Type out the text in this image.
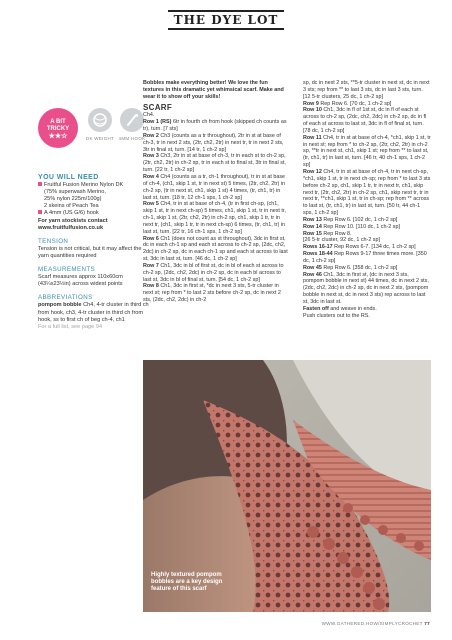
THE DYE LOT
A BIT
TRICKY
★★☆	DK WEIGHT 4MM HOOK
YOU WILL NEED
Fruitful Fusion Merino Nylon DK
(75% superwash Merino,
25% nylon 225m/100g)
2 skeins of Peach Tea
A 4mm (US G/6) hook
For yarn stockists contact
www.fruitfulfusion.co.uk
TENSION
Tension is not critical, but it may affect the yarn quantities required
MEASUREMENTS
Scarf measures approx 110x60cm (43¼x23½in) across widest points
ABBREVIATIONS
pompom bobble Ch4, 4-tr cluster in third ch from hook, ch3, 4-tr cluster in third ch from hook, ss to first ch of beg ch-4, ch1
For a full list, see page 94

Bobbles make everything better! We love the fun textures in this dramatic yet whimsical scarf. Make and wear it to show off your skills!

SCARF

Ch4.

Row 1 (RS) 6tr in fourth ch from hook (skipped ch counts as tr), turn. [7 sts]

Row 2 Ch3 (counts as a tr throughout), 2tr in st at base of ch-3, tr in next 2 sts, (2tr, ch2, 2tr) in next tr, tr in next 2 sts, 3tr in final st, turn. [14 tr, 1 ch-2 sp]

Row 3 Ch3, 2tr in st at base of ch-3, tr in each st to ch-2 sp, (2tr, ch2, 2tr) in ch-2 sp, tr in each st to final st, 3tr in final st, turn. [22 tr, 1 ch-2 sp]

Row 4 Ch4 (counts as a tr, ch-1 throughout), tr in st at base of ch-4, (ch1, skip 1 st, tr in next st) 5 times, (2tr, ch2, 2tr) in ch-2 sp, (tr in next st, ch1, skip 1 st) 4 times, (tr, ch1, tr) in last st, turn. [18 tr, 12 ch-1 sps, 1 ch-2 sp]

Row 5 Ch4, tr in st at base of ch-4, (tr in first ch-sp, (ch1, skip 1 st, tr in next ch-sp) 5 times, ch1, skip 1 st, tr in next tr, ch-1, skip 1 st, (2tr, ch2, 2tr) in ch-2 sp, ch1, skip 1 tr, tr in next tr, (ch1, skip 1 tr, tr in next ch-sp) 6 times, (tr, ch1, tr) in last st, turn. [22 tr, 16 ch-1 sps, 1 ch-2 sp]

Row 6 Ch1 (does not count as st throughout), 3dc in first st, dc in each ch-1 sp and each st across to ch-2 sp, (2dc, ch2, 2dc) in ch-2 sp, dc in each ch-1 sp and each st across to last st, 3dc in last st, turn. [46 dc, 1 ch-2 sp]

Row 7 Ch1, 3dc in bl of first st, dc in bl of each st across to ch-2 sp, (2dc, ch2, 2dc) in ch-2 sp, dc in each bl across to last st, 3dc in bl of final st, turn. [54 dc, 1 ch-2 sp]

Row 8 Ch1, 3dc in first st, *dc in next 3 sts, 5-tr cluster in next st; rep from * to last 2 sts before ch-2 sp, dc in next 2 sts, (2dc, ch2, 2dc) in ch-2

sp, dc in next 2 sts, **5-tr cluster in next st, dc in next 3 sts; rep from ** to last 3 sts, dc in last 3 sts, turn. [12 5-tr clusters, 25 dc, 1 ch-2 sp]

Row 9 Rep Row 6. [70 dc, 1 ch-2 sp]

Row 10 Ch1, 3dc in fl of 1st st, dc in fl of each st across to ch-2 sp, (2dc, ch2, 2dc) in ch-2 sp, dc in fl of each st across to last st, 3dc in fl of final st, turn. [78 dc, 1 ch-2 sp]

Row 11 Ch4, tr in st at base of ch-4, *ch1, skip 1 st, tr in next st; rep from * to ch-2 sp, (2tr, ch2, 2tr) in ch-2 sp, **tr in next st, ch1, skip 1 st; rep from ** to last st, (tr, ch1, tr) in last st, turn. [46 tr, 40 ch-1 sps, 1 ch-2 sp]

Row 12 Ch4, tr in st at base of ch-4, tr in next ch-sp, *ch1, skip 1 st, tr in next ch-sp; rep from * to last 3 sts before ch-2 sp, ch1, skip 1 tr, tr in next tr, ch1, skip next tr, (2tr, ch2, 2tr) in ch-2 sp, ch1, skip next tr, tr in next tr, **ch1, skip 1 st, tr in ch-sp; rep from ** across to last st, (tr, ch1, tr) in last st, turn. [50 tr, 44 ch-1 sps, 1 ch-2 sp]

Row 13 Rep Row 6. [102 dc, 1 ch-2 sp]

Row 14 Rep Row 10. [110 dc, 1 ch-2 sp]

Row 15 Rep Row 8.

[26 5-tr cluster, 92 dc, 1 ch-2 sp]

Rows 16-17 Rep Rows 6-7. [134 dc, 1 ch-2 sp]

Rows 18-44 Rep Rows 9-17 three times more. [350 dc, 1 ch-2 sp]

Row 45 Rep Row 6. [358 dc, 1 ch-2 sp]

Row 46 Ch1, 3dc in first st, (dc in next 3 sts, pompom bobble in next st) 44 times, dc in next 2 sts, (2dc, ch2, 2dc) in ch-2 sp, dc in next 2 sts, (pompom bobble in next st, dc in next 3 sts) rep across to last st, 3dc in last st.

Fasten off and weave in ends.

Push clusters out to the RS.

Highly textured pompom bobbles are a key design feature of this scarf
WWW.GATHERED.HOW/SIMPLYCROCHET 77
